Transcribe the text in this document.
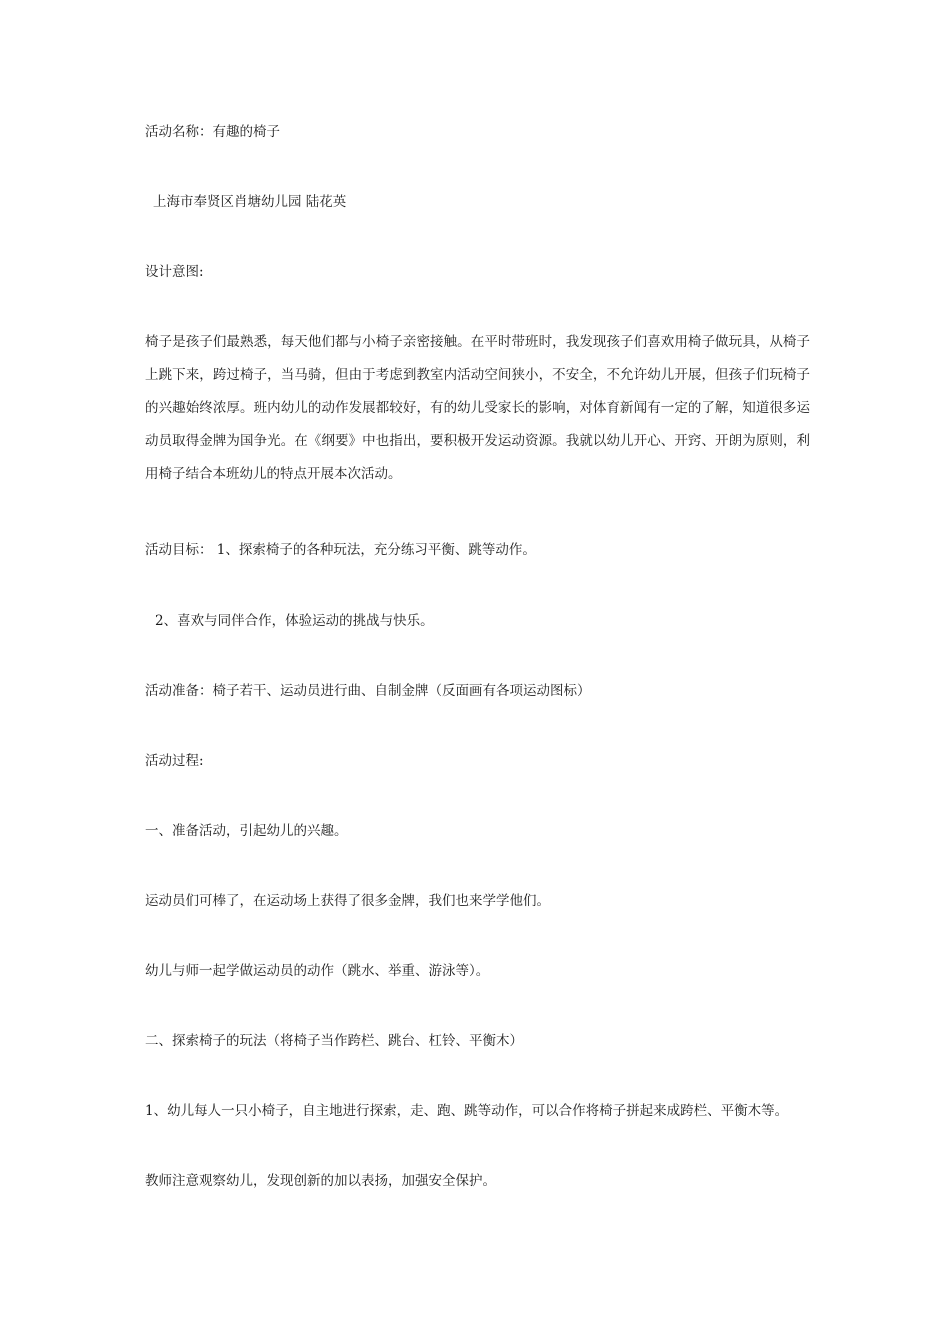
活动名称：有趣的椅子

上海市奉贤区肖塘幼儿园 陆花英

设计意图:

椅子是孩子们最熟悉，每天他们都与小椅子亲密接触。在平时带班时，我发现孩子们喜欢用椅子做玩具，从椅子上跳下来，跨过椅子，当马骑，但由于考虑到教室内活动空间狭小，不安全，不允许幼儿开展，但孩子们玩椅子的兴趣始终浓厚。班内幼儿的动作发展都较好，有的幼儿受家长的影响，对体育新闻有一定的了解，知道很多运动员取得金牌为国争光。在《纲要》中也指出，要积极开发运动资源。我就以幼儿开心、开窍、开朗为原则，利用椅子结合本班幼儿的特点开展本次活动。

活动目标： 1、探索椅子的各种玩法，充分练习平衡、跳等动作。

2、喜欢与同伴合作，体验运动的挑战与快乐。

活动准备：椅子若干、运动员进行曲、自制金牌（反面画有各项运动图标）

活动过程:

一、准备活动，引起幼儿的兴趣。

运动员们可棒了，在运动场上获得了很多金牌，我们也来学学他们。

幼儿与师一起学做运动员的动作（跳水、举重、游泳等）。

二、探索椅子的玩法（将椅子当作跨栏、跳台、杠铃、平衡木）

1、幼儿每人一只小椅子，自主地进行探索，走、跑、跳等动作，可以合作将椅子拼起来成跨栏、平衡木等。

教师注意观察幼儿，发现创新的加以表扬，加强安全保护。
